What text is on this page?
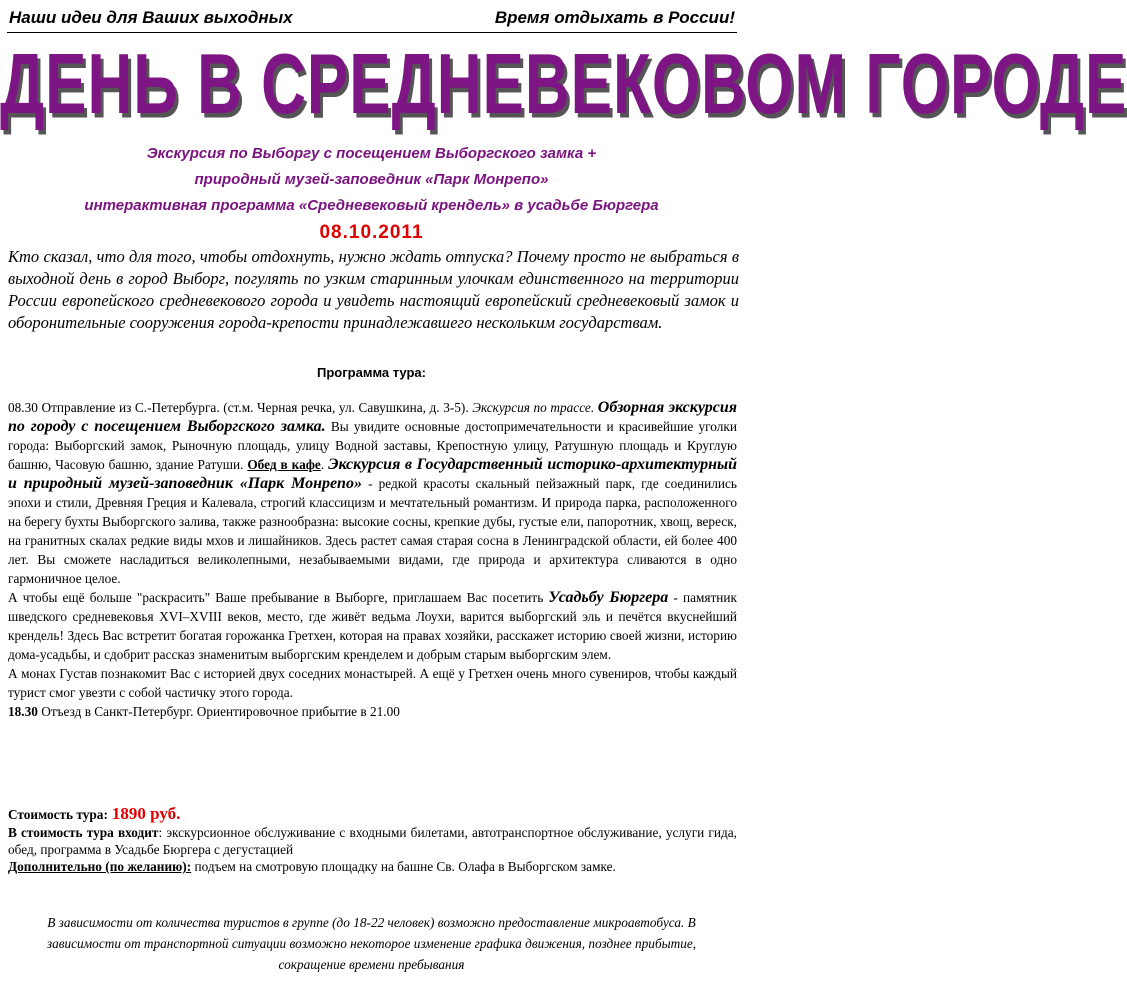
Наши идеи для Ваших выходных	Время отдыхать в России!
ДЕНЬ В СРЕДНЕВЕКОВОМ ГОРОДЕ
Экскурсия по Выборгу с посещением Выборгского замка +
природный музей-заповедник «Парк Монрепо»
интерактивная программа «Средневековый крендель» в усадьбе Бюргера
08.10.2011
Кто сказал, что для того, чтобы отдохнуть, нужно ждать отпуска? Почему просто не выбраться в выходной день в город Выборг, погулять по узким старинным улочкам единственного на территории России европейского средневекового города и увидеть настоящий европейский средневековый замок и оборонительные сооружения города-крепости принадлежавшего нескольким государствам.
Программа тура:

08.30 Отправление из С.-Петербурга. (ст.м. Черная речка, ул. Савушкина, д. 3-5). Экскурсия по трассе. Обзорная экскурсия по городу с посещением Выборгского замка. Вы увидите основные достопримечательности и красивейшие уголки города: Выборгский замок, Рыночную площадь, улицу Водной заставы, Крепостную улицу, Ратушную площадь и Круглую башню, Часовую башню, здание Ратуши. Обед в кафе. Экскурсия в Государственный историко-архитектурный и природный музей-заповедник «Парк Монрепо» - редкой красоты скальный пейзажный парк, где соединились эпохи и стили, Древняя Греция и Калевала, строгий классицизм и мечтательный романтизм. И природа парка, расположенного на берегу бухты Выборгского залива, также разнообразна: высокие сосны, крепкие дубы, густые ели, папоротник, хвощ, вереск, на гранитных скалах редкие виды мхов и лишайников. Здесь растет самая старая сосна в Ленинградской области, ей более 400 лет. Вы сможете насладиться великолепными, незабываемыми видами, где природа и архитектура сливаются в одно гармоничное целое.

А чтобы ещё больше "раскрасить" Ваше пребывание в Выборге, приглашаем Вас посетить Усадьбу Бюргера - памятник шведского средневековья XVI–XVIII веков, место, где живёт ведьма Лоухи, варится выборгский эль и печётся вкуснейший крендель! Здесь Вас встретит богатая горожанка Гретхен, которая на правах хозяйки, расскажет историю своей жизни, историю дома-усадьбы, и сдобрит рассказ знаменитым выборгским кренделем и добрым старым выборгским элем.

А монах Густав познакомит Вас с историей двух соседних монастырей. А ещё у Гретхен очень много сувениров, чтобы каждый турист смог увезти с собой частичку этого города.

18.30 Отъезд в Санкт-Петербург. Ориентировочное прибытие в 21.00

Стоимость тура: 1890 руб.

В стоимость тура входит: экскурсионное обслуживание с входными билетами, автотранспортное обслуживание, услуги гида, обед, программа в Усадьбе Бюргера с дегустацией

Дополнительно (по желанию): подъем на смотровую площадку на башне Св. Олафа в Выборгском замке.

В зависимости от количества туристов в группе (до 18-22 человек) возможно предоставление микроавтобуса. В зависимости от транспортной ситуации возможно некоторое изменение графика движения, позднее прибытие, сокращение времени пребывания
